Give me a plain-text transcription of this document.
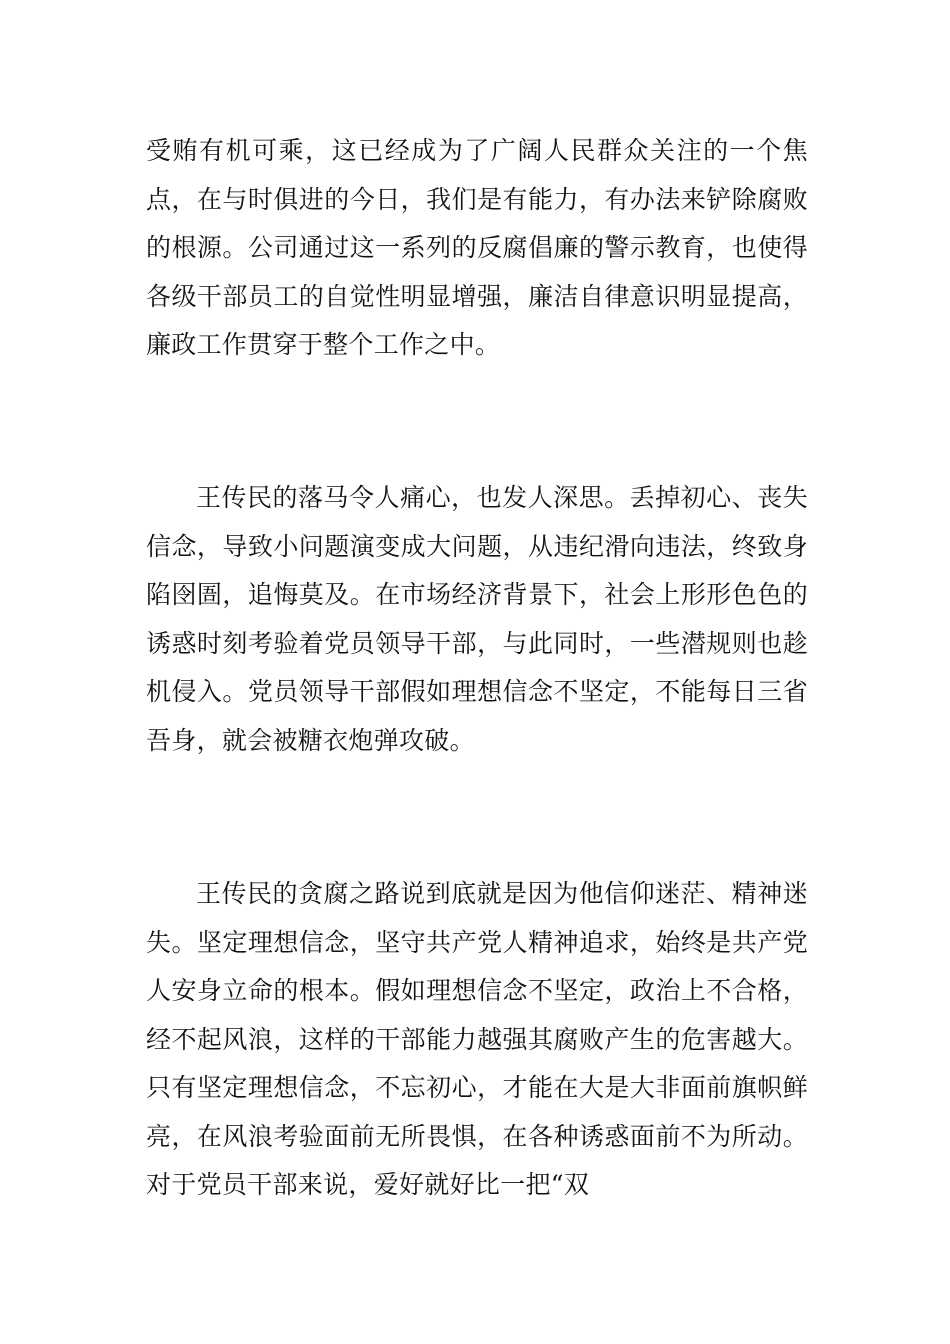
受贿有机可乘，这已经成为了广阔人民群众关注的一个焦点，在与时俱进的今日，我们是有能力，有办法来铲除腐败的根源。公司通过这一系列的反腐倡廉的警示教育，也使得各级干部员工的自觉性明显增强，廉洁自律意识明显提高，廉政工作贯穿于整个工作之中。

王传民的落马令人痛心，也发人深思。丢掉初心、丧失信念，导致小问题演变成大问题，从违纪滑向违法，终致身陷囹圄，追悔莫及。在市场经济背景下，社会上形形色色的诱惑时刻考验着党员领导干部，与此同时，一些潜规则也趁机侵入。党员领导干部假如理想信念不坚定，不能每日三省吾身，就会被糖衣炮弹攻破。

王传民的贪腐之路说到底就是因为他信仰迷茫、精神迷失。坚定理想信念，坚守共产党人精神追求，始终是共产党人安身立命的根本。假如理想信念不坚定，政治上不合格，经不起风浪，这样的干部能力越强其腐败产生的危害越大。只有坚定理想信念，不忘初心，才能在大是大非面前旗帜鲜亮，在风浪考验面前无所畏惧，在各种诱惑面前不为所动。对于党员干部来说，爱好就好比一把“双
